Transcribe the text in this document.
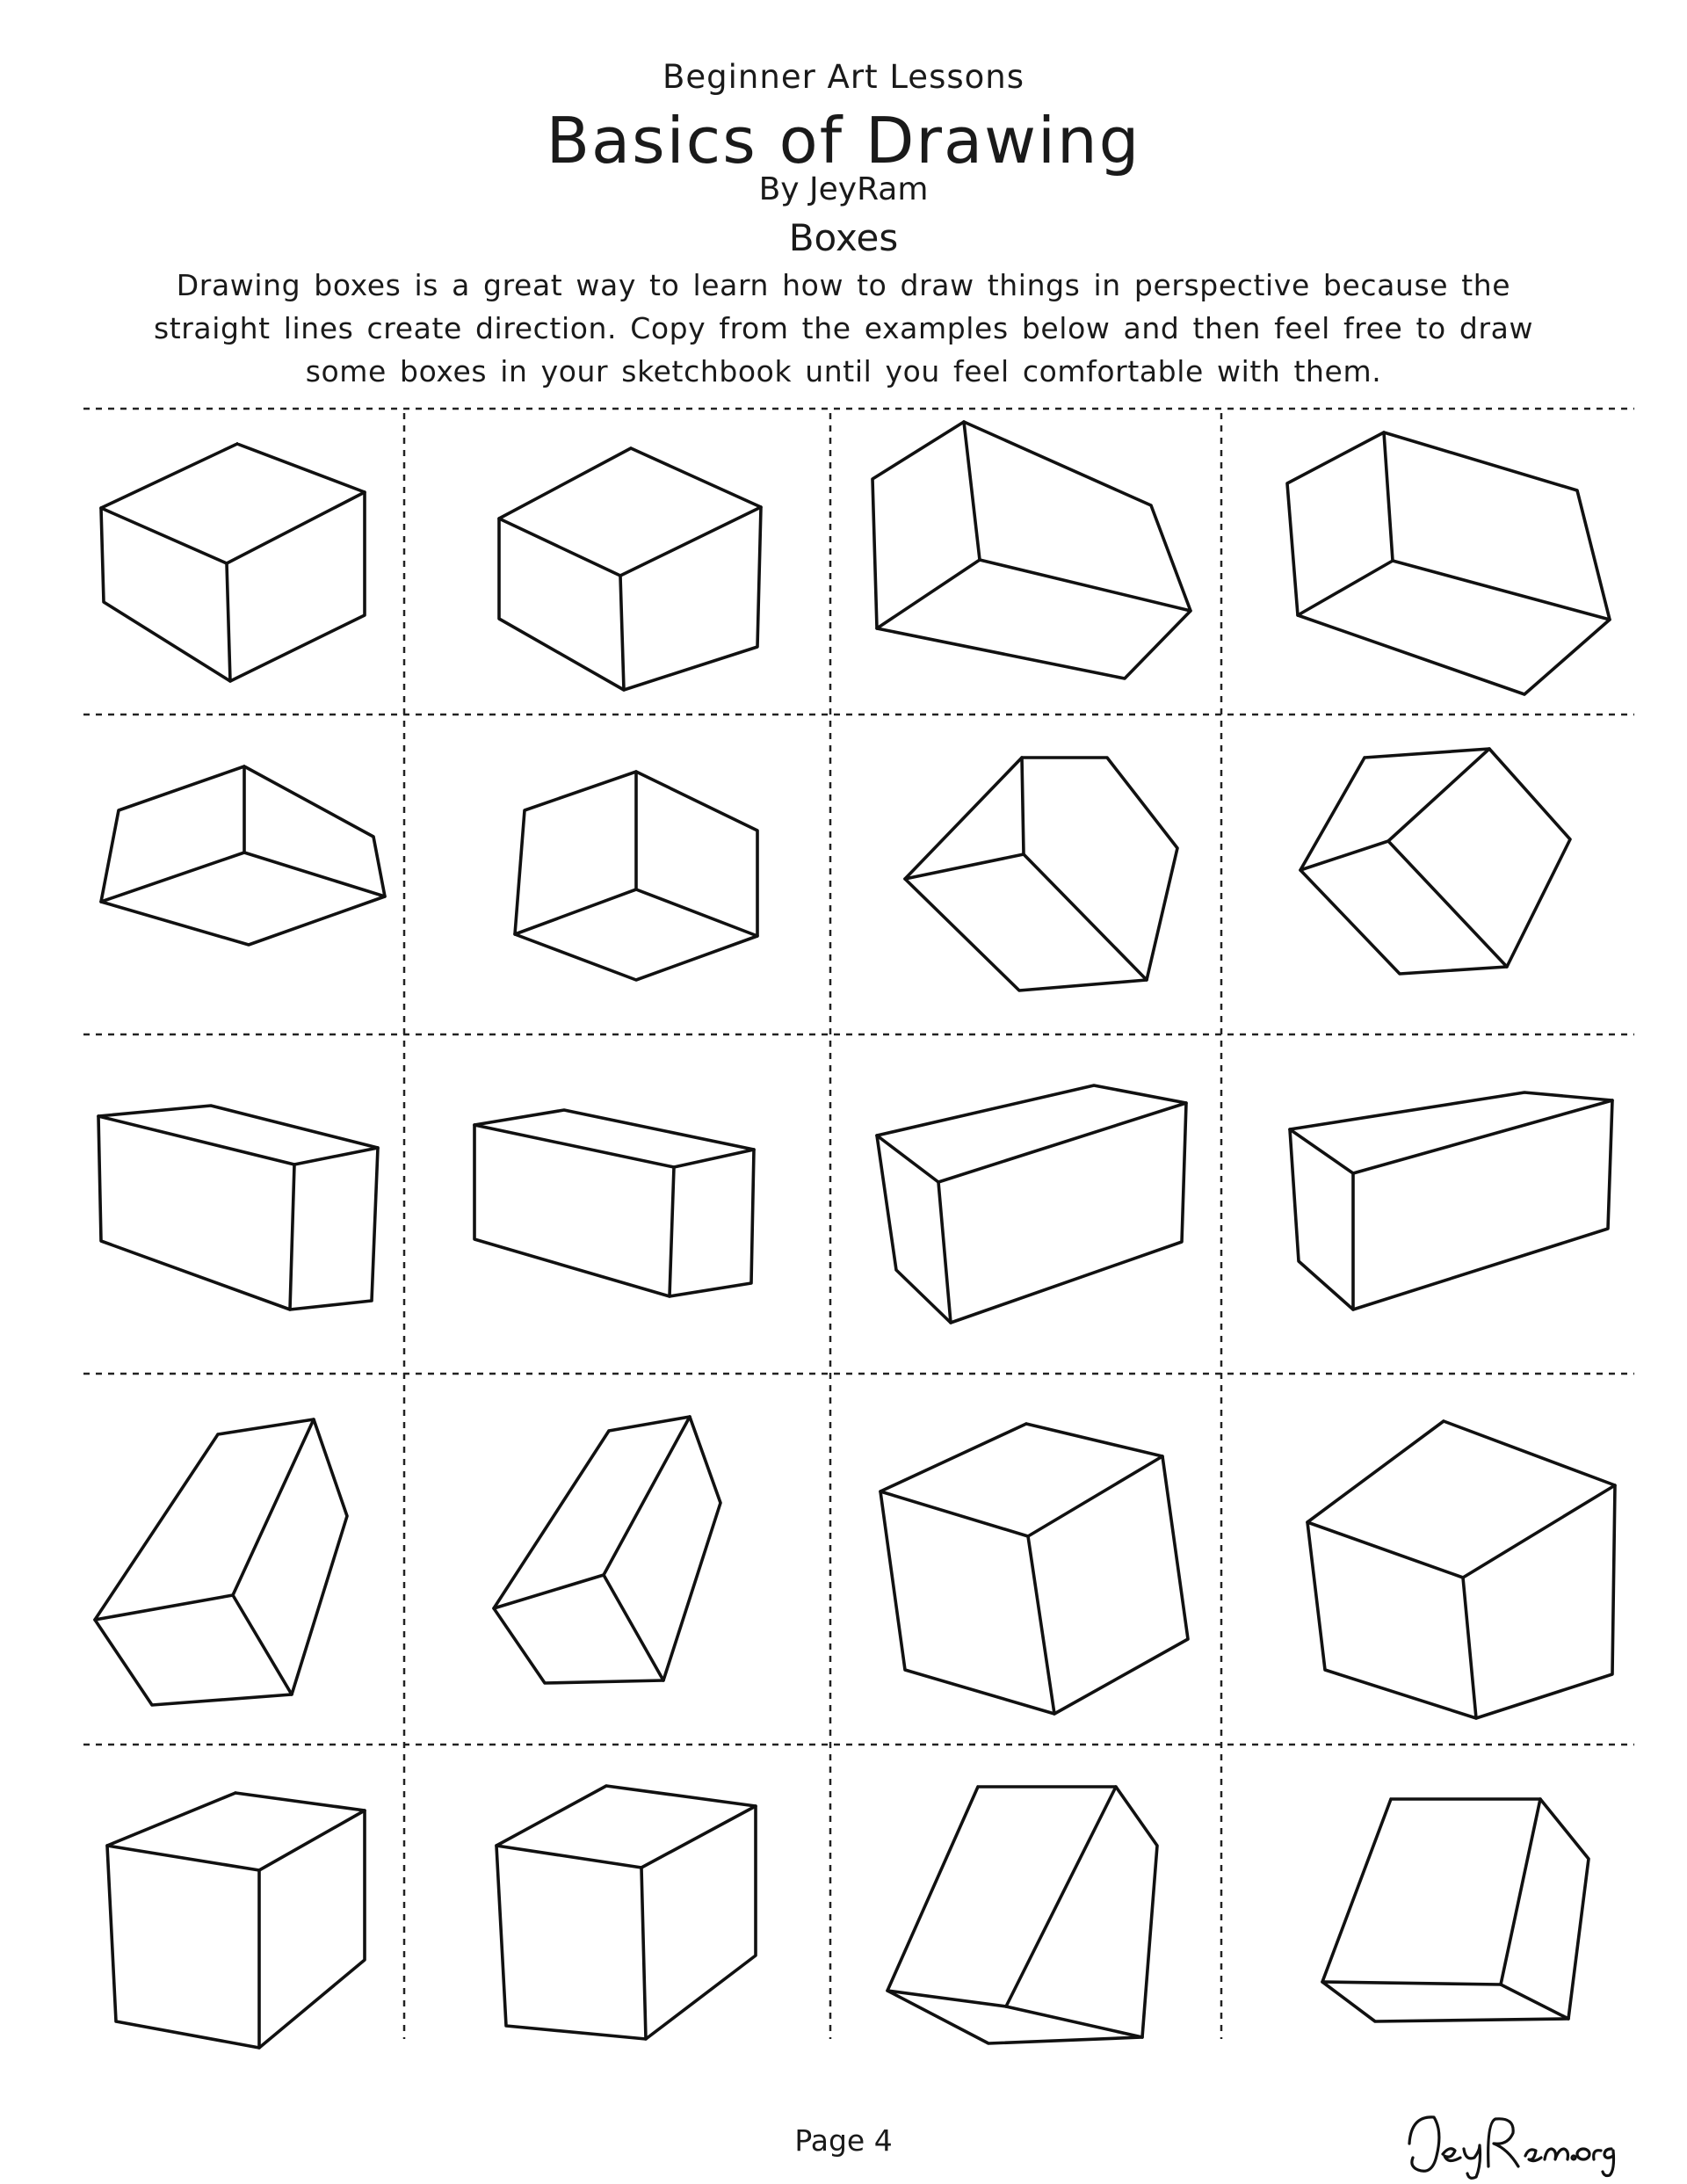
Beginner Art Lessons
Basics of Drawing
By JeyRam
Boxes
Drawing boxes is a great way to learn how to draw things in perspective because the straight lines create direction. Copy from the examples below and then feel free to draw some boxes in your sketchbook until you feel comfortable with them.
Page 4
